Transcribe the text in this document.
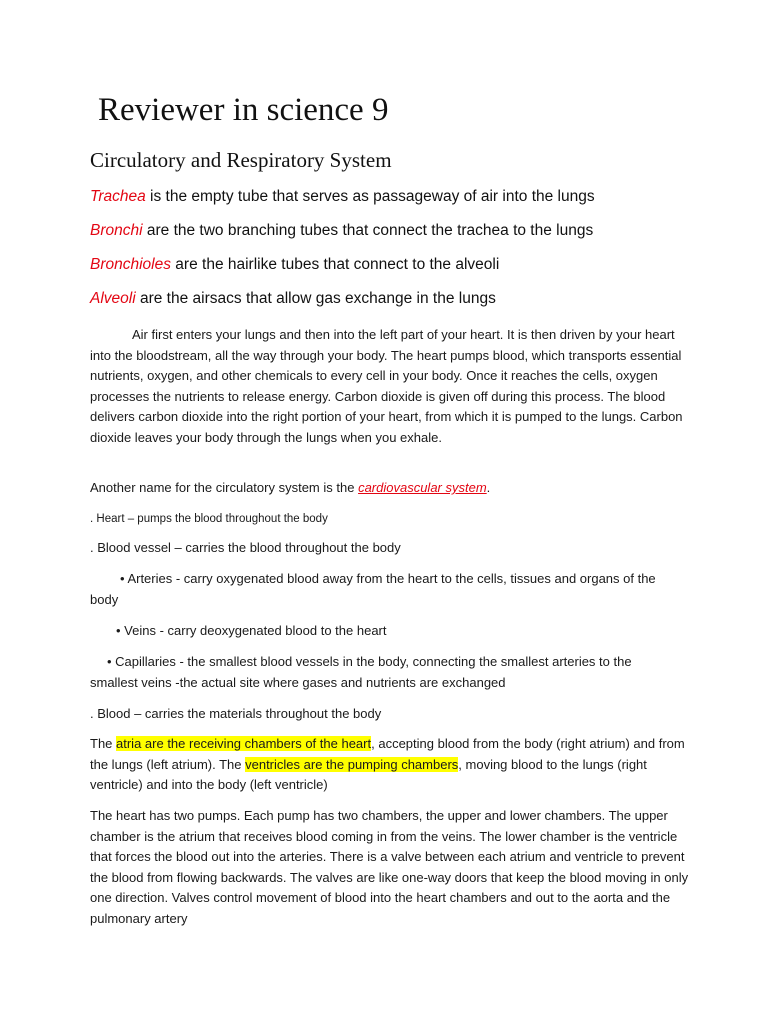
Reviewer in science 9
Circulatory and Respiratory System

Trachea is the empty tube that serves as passageway of air into the lungs

Bronchi are the two branching tubes that connect the trachea to the lungs

Bronchioles are the hairlike tubes that connect to the alveoli

Alveoli are the airsacs that allow gas exchange in the lungs

Air first enters your lungs and then into the left part of your heart. It is then driven by your heart into the bloodstream, all the way through your body. The heart pumps blood, which transports essential nutrients, oxygen, and other chemicals to every cell in your body. Once it reaches the cells, oxygen processes the nutrients to release energy. Carbon dioxide is given off during this process. The blood delivers carbon dioxide into the right portion of your heart, from which it is pumped to the lungs. Carbon dioxide leaves your body through the lungs when you exhale.

Another name for the circulatory system is the cardiovascular system.

. Heart – pumps the blood throughout the body

. Blood vessel – carries the blood throughout the body

• Arteries - carry oxygenated blood away from the heart to the cells, tissues and organs of the body

• Veins - carry deoxygenated blood to the heart

• Capillaries - the smallest blood vessels in the body, connecting the smallest arteries to the smallest veins -the actual site where gases and nutrients are exchanged

. Blood – carries the materials throughout the body

The atria are the receiving chambers of the heart, accepting blood from the body (right atrium) and from the lungs (left atrium). The ventricles are the pumping chambers, moving blood to the lungs (right ventricle) and into the body (left ventricle)

The heart has two pumps. Each pump has two chambers, the upper and lower chambers. The upper chamber is the atrium that receives blood coming in from the veins. The lower chamber is the ventricle that forces the blood out into the arteries. There is a valve between each atrium and ventricle to prevent the blood from flowing backwards. The valves are like one-way doors that keep the blood moving in only one direction. Valves control movement of blood into the heart chambers and out to the aorta and the pulmonary artery
